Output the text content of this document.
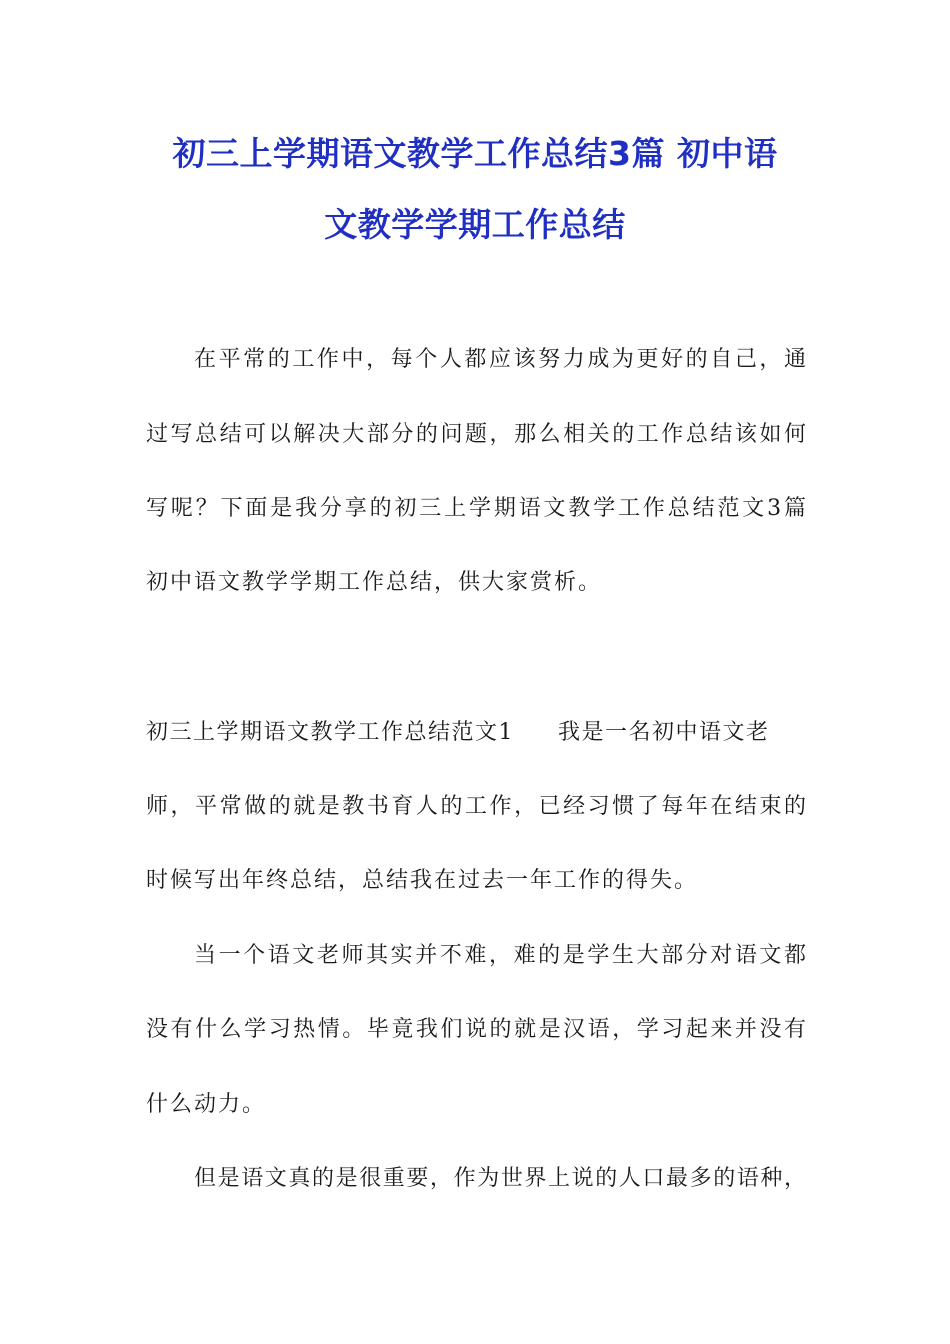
初三上学期语文教学工作总结3篇 初中语
文教学学期工作总结
在平常的工作中，每个人都应该努力成为更好的自己，通
过写总结可以解决大部分的问题，那么相关的工作总结该如何
写呢？下面是我分享的初三上学期语文教学工作总结范文3篇
初中语文教学学期工作总结，供大家赏析。
初三上学期语文教学工作总结范文1 我是一名初中语文老
师，平常做的就是教书育人的工作，已经习惯了每年在结束的
时候写出年终总结，总结我在过去一年工作的得失。
当一个语文老师其实并不难，难的是学生大部分对语文都
没有什么学习热情。毕竟我们说的就是汉语，学习起来并没有
什么动力。
但是语文真的是很重要，作为世界上说的人口最多的语种，
